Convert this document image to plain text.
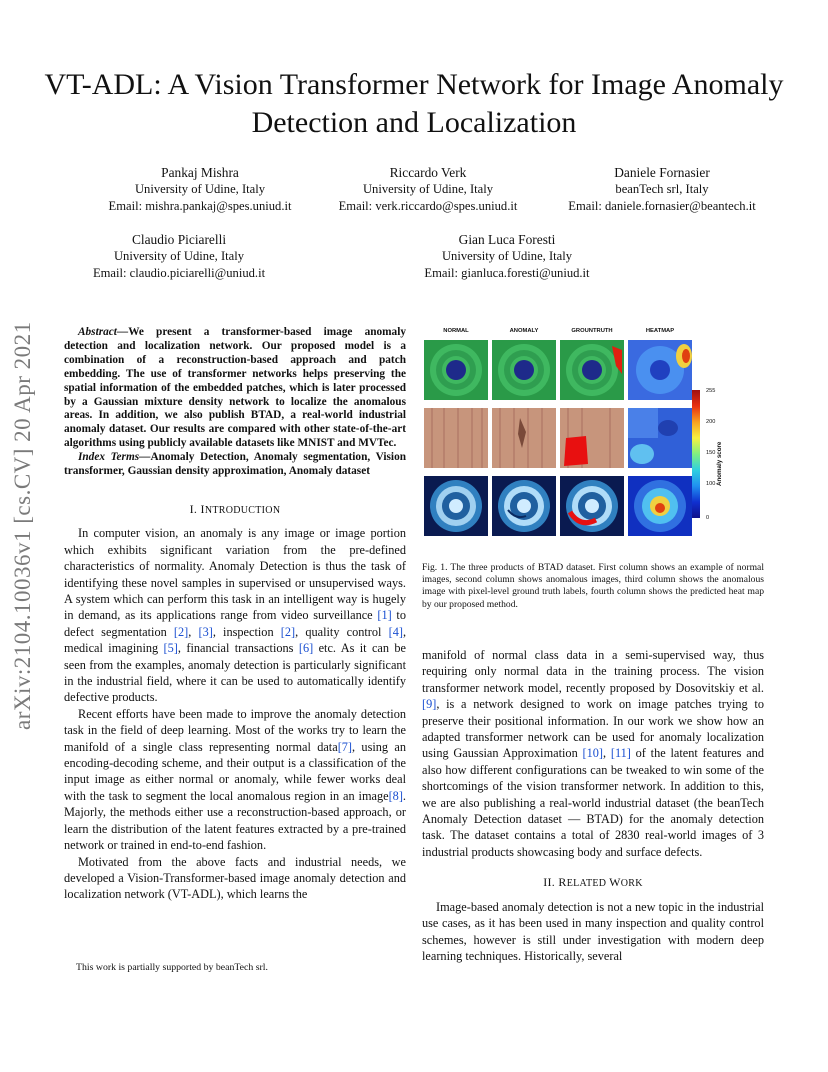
VT-ADL: A Vision Transformer Network for Image Anomaly Detection and Localization
Pankaj Mishra
University of Udine, Italy
Email: mishra.pankaj@spes.uniud.it
Riccardo Verk
University of Udine, Italy
Email: verk.riccardo@spes.uniud.it
Daniele Fornasier
beanTech srl, Italy
Email: daniele.fornasier@beantech.it
Claudio Piciarelli
University of Udine, Italy
Email: claudio.piciarelli@uniud.it
Gian Luca Foresti
University of Udine, Italy
Email: gianluca.foresti@uniud.it
arXiv:2104.10036v1 [cs.CV] 20 Apr 2021	Abstract—We present a transformer-based image anomaly detection and localization network. Our proposed model is a combination of a reconstruction-based approach and patch embedding. The use of transformer networks helps preserving the spatial information of the embedded patches, which is later processed by a Gaussian mixture density network to localize the anomalous areas. In addition, we also publish BTAD, a real-world industrial anomaly dataset. Our results are compared with other state-of-the-art algorithms using publicly available datasets like MNIST and MVTec.

Index Terms—Anomaly Detection, Anomaly segmentation, Vision transformer, Gaussian density approximation, Anomaly dataset

I. INTRODUCTION

In computer vision, an anomaly is any image or image portion which exhibits significant variation from the pre-defined characteristics of normality. Anomaly Detection is thus the task of identifying these novel samples in supervised or unsupervised ways. A system which can perform this task in an intelligent way is hugely in demand, as its applications range from video surveillance [1] to defect segmentation [2], [3], inspection [2], quality control [4], medical imagining [5], financial transactions [6] etc. As it can be seen from the examples, anomaly detection is particularly significant in the industrial field, where it can be used to automatically identify defective products.

Recent efforts have been made to improve the anomaly detection task in the field of deep learning. Most of the works try to learn the manifold of a single class representing normal data[7], using an encoding-decoding scheme, and their output is a classification of the input image as either normal or anomaly, while fewer works deal with the task to segment the local anomalous region in an image[8]. Majorly, the methods either use a reconstruction-based approach, or learn the distribution of the latent features extracted by a pre-trained network or trained in end-to-end fashion.

Motivated from the above facts and industrial needs, we developed a Vision-Transformer-based image anomaly detection and localization network (VT-ADL), which learns the

This work is partially supported by beanTech srl.
NORMAL	ANOMALY	GROUNTRUTH	HEATMAP
255
200
150
100
0
Anomaly score
Fig. 1. The three products of BTAD dataset. First column shows an example of normal images, second column shows anomalous images, third column shows the anomalous image with pixel-level ground truth labels, fourth column shows the predicted heat map by our proposed method.

manifold of normal class data in a semi-supervised way, thus requiring only normal data in the training process. The vision transformer network model, recently proposed by Dosovitskiy et al. [9], is a network designed to work on image patches trying to preserve their positional information. In our work we show how an adapted transformer network can be used for anomaly localization using Gaussian Approximation [10], [11] of the latent features and also how different configurations can be tweaked to win some of the shortcomings of the vision transformer network. In addition to this, we are also publishing a real-world industrial dataset (the beanTech Anomaly Detection dataset — BTAD) for the anomaly detection task. The dataset contains a total of 2830 real-world images of 3 industrial products showcasing body and surface defects.

II. RELATED WORK

Image-based anomaly detection is not a new topic in the industrial use cases, as it has been used in many inspection and quality control schemes, however is still under investigation with modern deep learning techniques. Historically, several
